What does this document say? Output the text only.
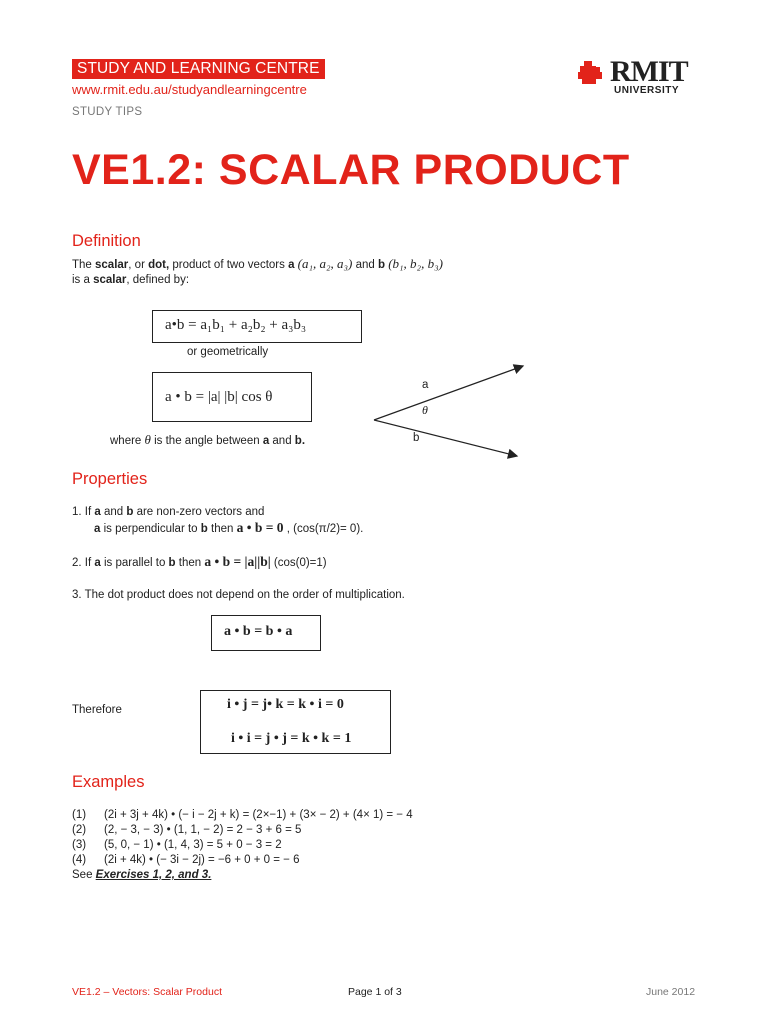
STUDY AND LEARNING CENTRE
www.rmit.edu.au/studyandlearningcentre
STUDY TIPS
RMIT
UNIVERSITY
VE1.2: SCALAR PRODUCT
Definition
The scalar, or dot, product of two vectors a (a₁, a₂, a₃) and b (b₁, b₂, b₃)
is a scalar, defined by:
a•b = a₁b₁ + a₂b₂ + a₃b₃
or geometrically
a • b = |a| |b| cos θ
where θ is the angle between a and b.
a
θ
b
Properties
1. If a and b are non-zero vectors and
a is perpendicular to b then a • b = 0 , (cos(π/2)= 0).
2. If a is parallel to b then a • b = |a||b| (cos(0)=1)
3. The dot product does not depend on the order of multiplication.
a • b = b • a
Therefore	i • j = j• k = k • i = 0
i • i = j • j = k • k = 1
Examples
(1) (2i + 3j + 4k) • (− i − 2j + k) = (2×−1) + (3× − 2) + (4× 1) = − 4
(2) (2, − 3, − 3) • (1, 1, − 2) = 2 − 3 + 6 = 5
(3) (5, 0, − 1) • (1, 4, 3) = 5 + 0 − 3 = 2
(4) (2i + 4k) • (− 3i − 2j) = −6 + 0 + 0 = − 6
See Exercises 1, 2, and 3.
VE1.2 – Vectors: Scalar Product	Page 1 of 3	June 2012
